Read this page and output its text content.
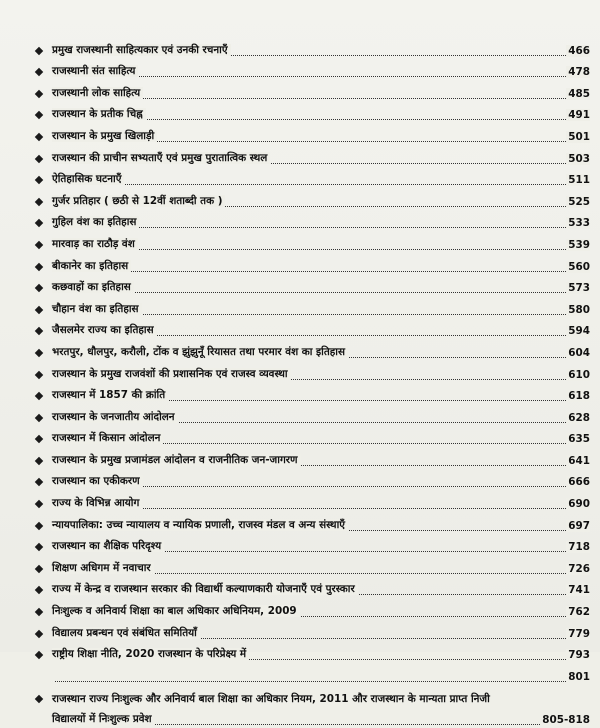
प्रमुख राजस्थानी साहित्यकार एवं उनकी रचनाएँ	466
राजस्थानी संत साहित्य	478
राजस्थानी लोक साहित्य	485
राजस्थान के प्रतीक चिह्न	491
राजस्थान के प्रमुख खिलाड़ी	501
राजस्थान की प्राचीन सभ्यताएँ एवं प्रमुख पुरातात्विक स्थल	503
ऐतिहासिक घटनाएँ	511
गुर्जर प्रतिहार ( छठी से 12वीं शताब्दी तक )	525
गुहिल वंश का इतिहास	533
मारवाड़ का राठौड़ वंश	539
बीकानेर का इतिहास	560
कछवाहों का इतिहास	573
चौहान वंश का इतिहास	580
जैसलमेर राज्य का इतिहास	594
भरतपुर, धौलपुर, करौली, टोंक व झुंझुनूँ रियासत तथा परमार वंश का इतिहास	604
राजस्थान के प्रमुख राजवंशों की प्रशासनिक एवं राजस्व व्यवस्था	610
राजस्थान में 1857 की क्रांति	618
राजस्थान के जनजातीय आंदोलन	628
राजस्थान में किसान आंदोलन	635
राजस्थान के प्रमुख प्रजामंडल आंदोलन व राजनीतिक जन-जागरण	641
राजस्थान का एकीकरण	666
राज्य के विभिन्न आयोग	690
न्यायपालिका: उच्च न्यायालय व न्यायिक प्रणाली, राजस्व मंडल व अन्य संस्थाएँ	697
राजस्थान का शैक्षिक परिदृश्य	718
शिक्षण अधिगम में नवाचार	726
राज्य में केन्द्र व राजस्थान सरकार की विद्यार्थी कल्याणकारी योजनाएँ एवं पुरस्कार	741
निःशुल्क व अनिवार्य शिक्षा का बाल अधिकार अधिनियम, 2009	762
विद्यालय प्रबन्धन एवं संबंधित समितियाँ	779
राष्ट्रीय शिक्षा नीति, 2020 राजस्थान के परिप्रेक्ष्य में	793
801
राजस्थान राज्य निःशुल्क और अनिवार्य बाल शिक्षा का अधिकार नियम, 2011 और राजस्थान के मान्यता प्राप्त निजी
विद्यालयों में निःशुल्क प्रवेश	805-818
